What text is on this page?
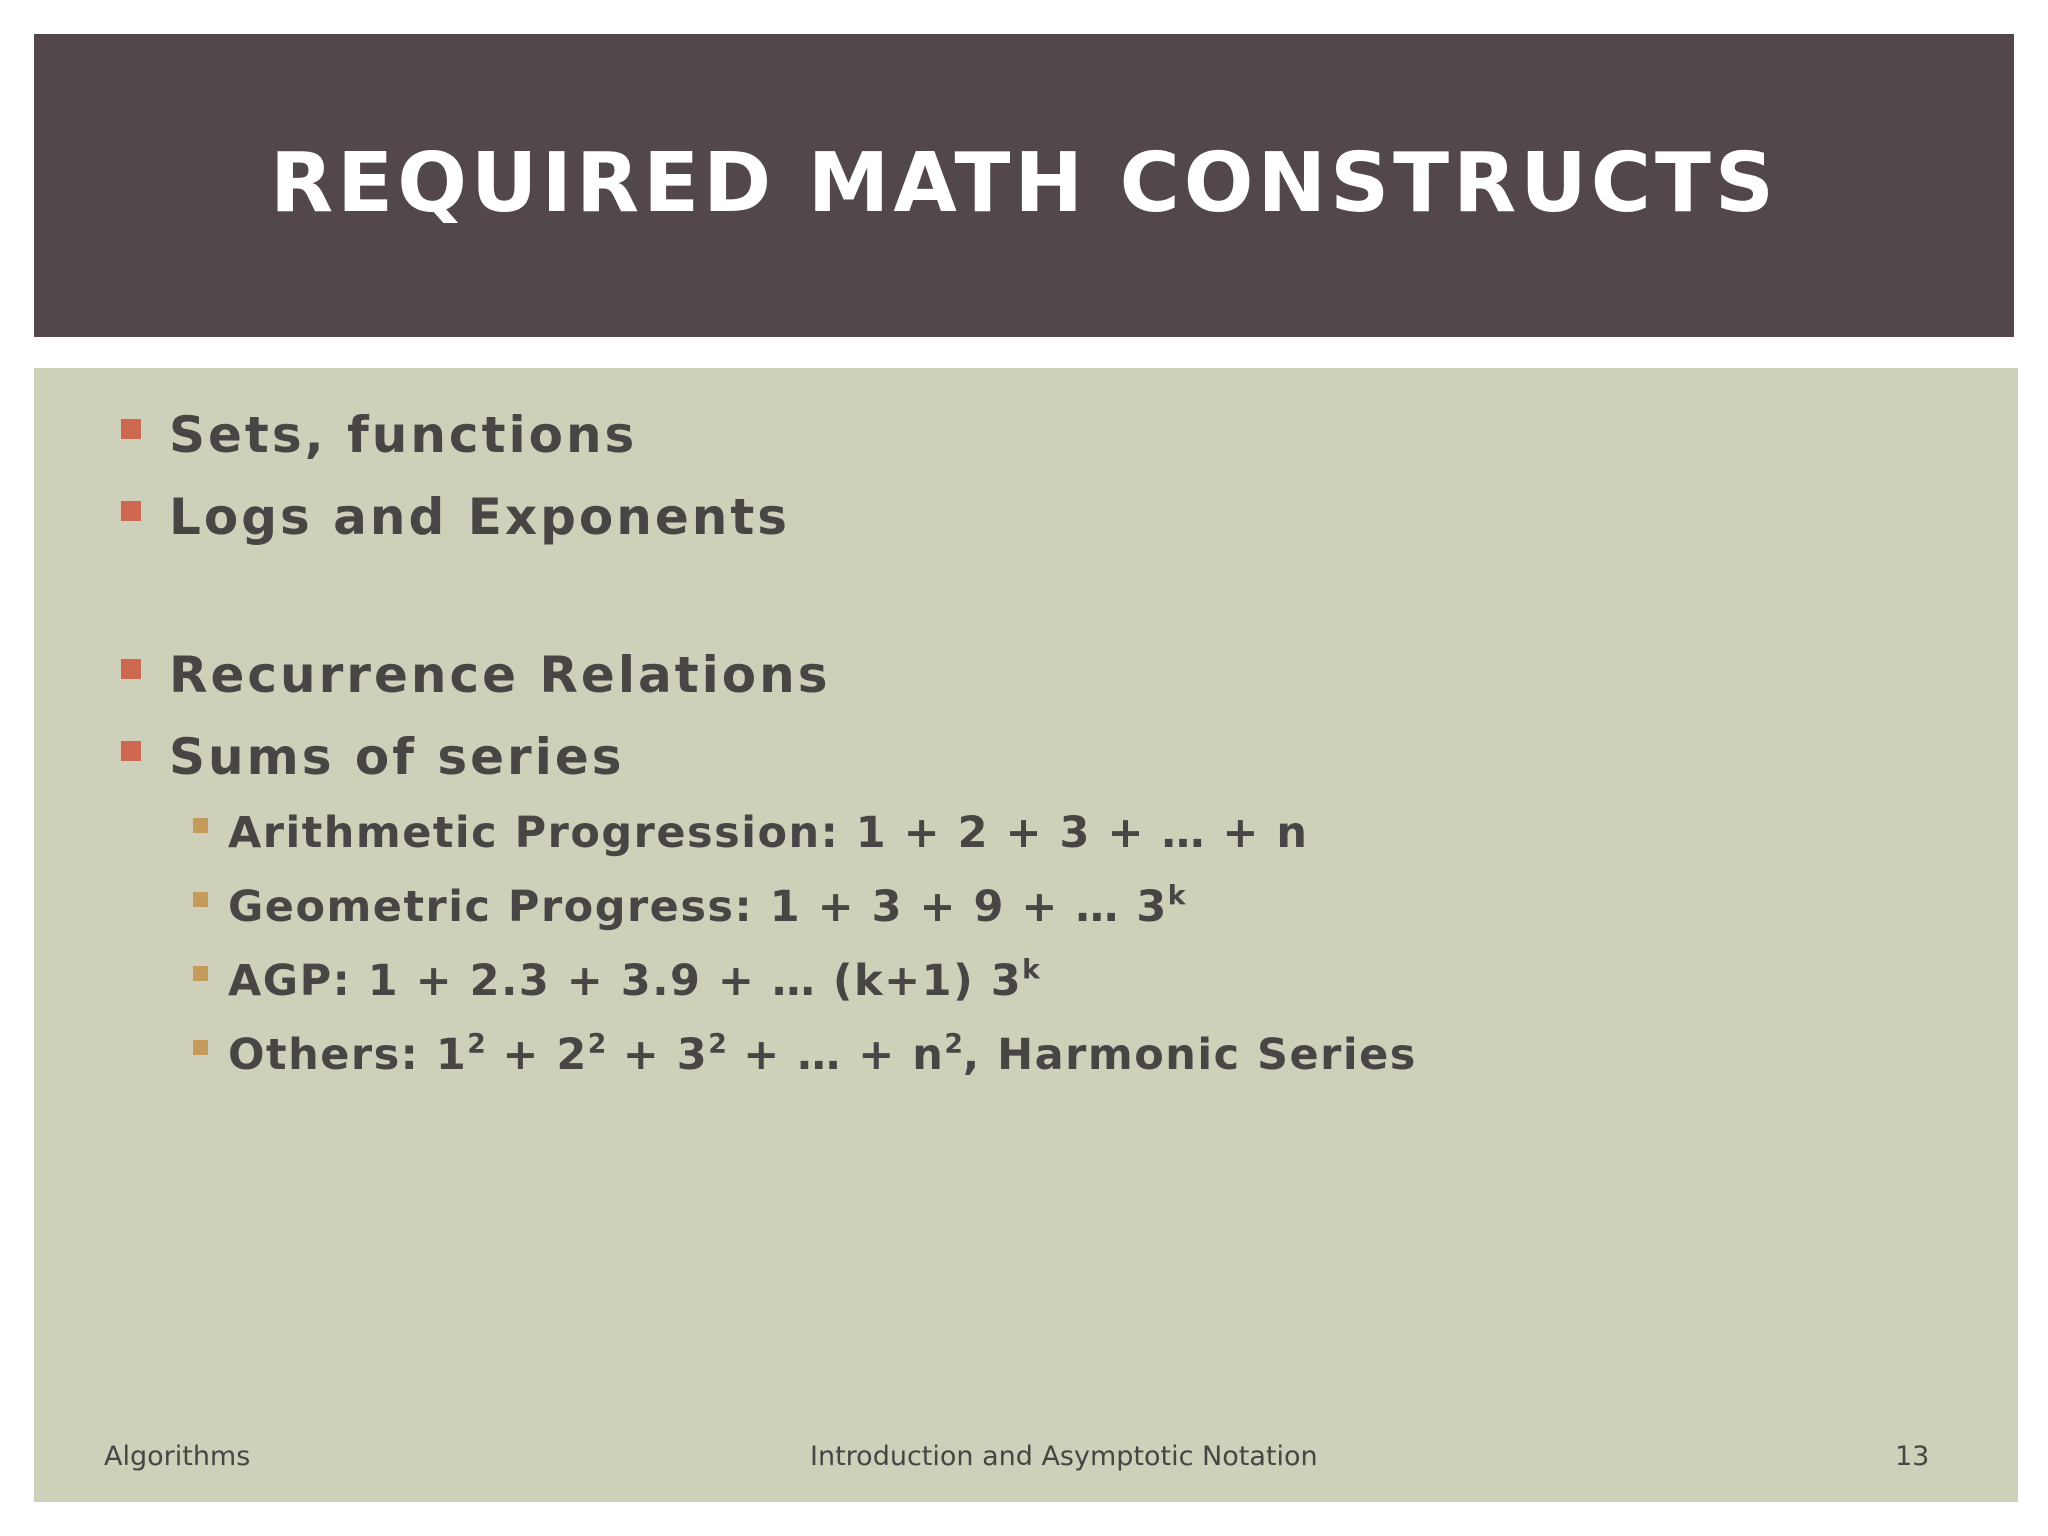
REQUIRED MATH CONSTRUCTS
Sets, functions
Logs and Exponents
Recurrence Relations
Sums of series
Arithmetic Progression: 1 + 2 + 3 + … + n
Geometric Progress: 1 + 3 + 9 + … 3$^k$
AGP: 1 + 2.3 + 3.9 + … (k+1) 3$^k$
Others: $1^2 + 2^2 + 3^2$ + … + $n^2$, Harmonic Series
Algorithms	Introduction and Asymptotic Notation	13
